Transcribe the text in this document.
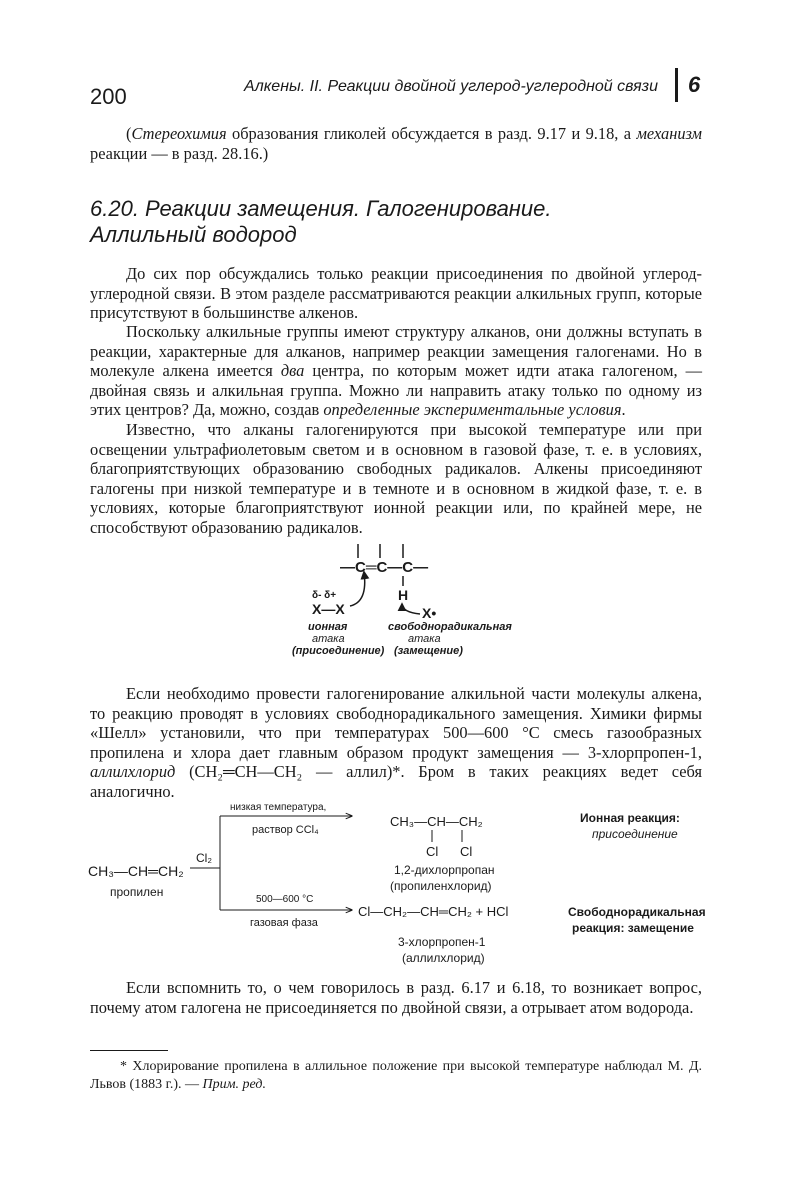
200	Алкены. II. Реакции двойной углерод-углеродной связи 6
(Стереохимия образования гликолей обсуждается в разд. 9.17 и 9.18, а механизм реакции — в разд. 28.16.)
6.20. Реакции замещения. Галогенирование.
Аллильный водород
До сих пор обсуждались только реакции присоединения по двойной углерод-углеродной связи. В этом разделе рассматриваются реакции алкильных групп, которые присутствуют в большинстве алкенов.
Поскольку алкильные группы имеют структуру алканов, они должны вступать в реакции, характерные для алканов, например реакции замещения галогенами. Но в молекуле алкена имеется два центра, по которым может идти атака галогеном, — двойная связь и алкильная группа. Можно ли направить атаку только по одному из этих центров? Да, можно, создав определенные экспериментальные условия.
Известно, что алканы галогенируются при высокой температуре или при освещении ультрафиолетовым светом и в основном в газовой фазе, т. е. в условиях, благоприятствующих образованию свободных радикалов. Алкены присоединяют галогены при низкой температуре и в темноте и в основном в жидкой фазе, т. е. в условиях, которые благоприятствуют ионной реакции или, по крайней мере, не способствуют образованию радикалов.
—C═C—C—
H
δ- δ+
X—X	X•
ионная
атака
(присоединение)
свободнорадикальная
атака
(замещение)
Если необходимо провести галогенирование алкильной части молекулы алкена, то реакцию проводят в условиях свободнорадикального замещения. Химики фирмы «Шелл» установили, что при температурах 500—600 °С смесь газообразных пропилена и хлора дает главным образом продукт замещения — 3-хлорпропен-1, аллилхлорид (CH₂═CH—CH₂ — аллил)*. Бром в таких реакциях ведет себя аналогично.
CH₃—CH═CH₂
пропилен
Cl₂
низкая температура,
раствор CCl₄
CH₃—CH—CH₂
Cl      Cl
1,2-дихлорпропан
(пропиленхлорид)
Ионная реакция:
присоединение
500—600 °С
газовая фаза
Cl—CH₂—CH═CH₂ + HCl
3-хлорпропен-1
(аллилхлорид)
Свободнорадикальная
реакция: замещение
Если вспомнить то, о чем говорилось в разд. 6.17 и 6.18, то возникает вопрос, почему атом галогена не присоединяется по двойной связи, а отрывает атом водорода.
* Хлорирование пропилена в аллильное положение при высокой температуре наблюдал М. Д. Львов (1883 г.). — Прим. ред.
